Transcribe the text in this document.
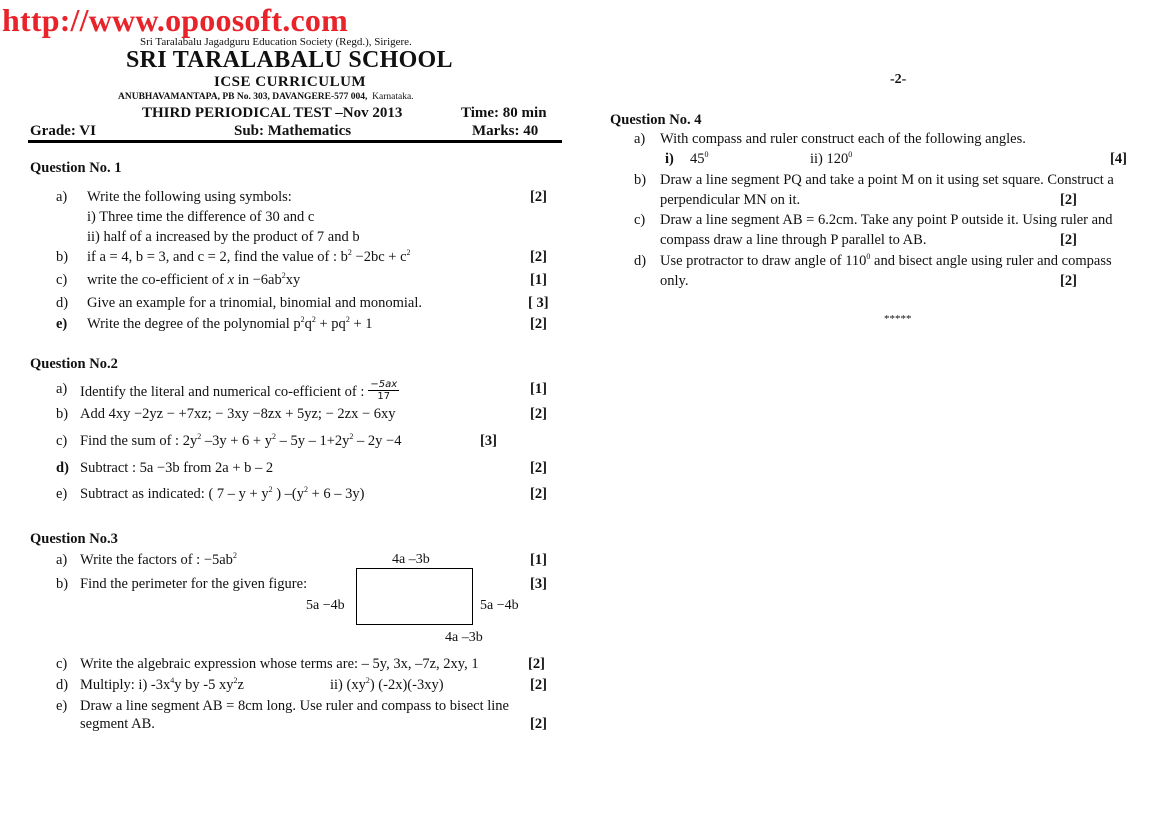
http://www.opoosoft.com
Sri Taralabalu Jagadguru Education Society (Regd.), Sirigere.
SRI TARALABALU SCHOOL
ICSE CURRICULUM
ANUBHAVAMANTAPA, PB No. 303, DAVANGERE-577 004, Karnataka.
THIRD PERIODICAL TEST –Nov 2013	Time: 80 min
Grade: VI	Sub: Mathematics	Marks: 40
Question No. 1
a) Write the following using symbols:	[2]
i) Three time the difference of 30 and c
ii) half of a increased by the product of 7 and b
b) if a = 4, b = 3, and c = 2, find the value of : $b^2 -2bc + c^2$	[2]
c) write the co-efficient of x in $-6ab^2xy$	[1]
d) Give an example for a trinomial, binomial and monomial.	[ 3]
e) Write the degree of the polynomial $p^2q^2 + pq^2 + 1$	[2]
Question No.2
a) Identify the literal and numerical co-efficient of : $\frac{-5ax}{17}$	[1]
b) Add 4xy −2yz − +7xz; − 3xy −8zx + 5yz; − 2zx − 6xy	[2]
c) Find the sum of : $2y^2$ $-3y + 6 + y^2 - 5y - 1+2y^2 - 2y -4$	[3]
d) Subtract : 5a −3b from 2a + b – 2	[2]
e) Subtract as indicated: ( $7 - y + y^2$ ) $-(y^2 + 6 - 3y)$	[2]
Question No.3
a) Write the factors of : $-5ab^2$	[1]
b) Find the perimeter for the given figure:	[3]
4a –3b
5a −4b	5a −4b
4a –3b
c) Write the algebraic expression whose terms are: – 5y, 3x, –7z, 2xy, 1	[2]
d) Multiply: i) $-3x^4y$ by -5 $xy^2z$	ii) $(xy^2)$ (-2x)(-3xy)	[2]
e) Draw a line segment AB = 8cm long. Use ruler and compass to bisect line
segment AB.	[2]
-2-
Question No. 4
a) With compass and ruler construct each of the following angles.
i) $45^0$	ii) $120^0$	[4]
b) Draw a line segment PQ and take a point M on it using set square. Construct a
perpendicular MN on it.	[2]
c) Draw a line segment AB = 6.2cm. Take any point P outside it. Using ruler and
compass draw a line through P parallel to AB.	[2]
d) Use protractor to draw angle of $110^0$ and bisect angle using ruler and compass
only.	[2]
*****
